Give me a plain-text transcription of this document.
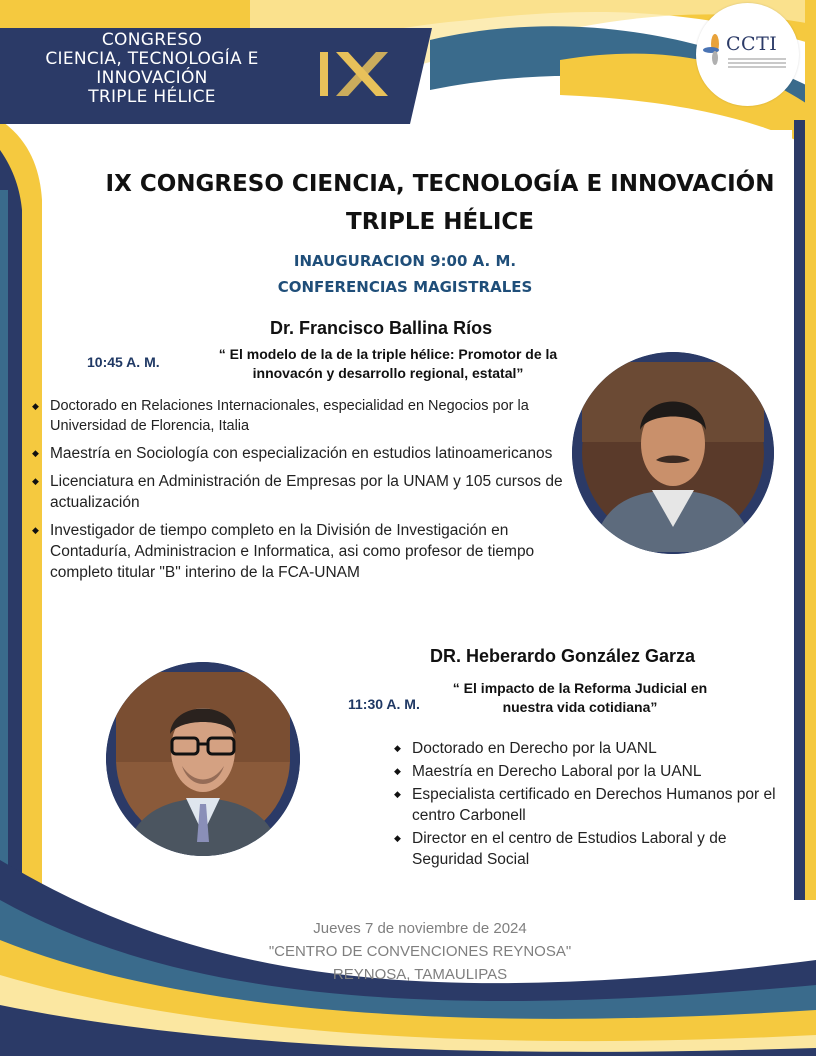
CONGRESO
CIENCIA, TECNOLOGÍA E
INNOVACIÓN
TRIPLE HÉLICE
CCTI
IX CONGRESO CIENCIA, TECNOLOGÍA E INNOVACIÓN
TRIPLE HÉLICE
INAUGURACION 9:00 A. M.
CONFERENCIAS MAGISTRALES
Dr. Francisco Ballina Ríos
10:45 A. M.	“ El modelo de la de la triple hélice: Promotor de la
innovacón y desarrollo regional, estatal”
◆ Doctorado en Relaciones Internacionales, especialidad en Negocios por la Universidad de Florencia, Italia
◆ Maestría en Sociología con especialización en estudios latinoamericanos
◆ Licenciatura en Administración de Empresas por la UNAM y 105 cursos de actualización
◆ Investigador de tiempo completo en la División de Investigación en Contaduría, Administracion e Informatica, asi como profesor de tiempo completo titular "B" interino de la FCA-UNAM
DR. Heberardo González Garza
11:30 A. M.
“ El impacto de la Reforma Judicial en
nuestra vida cotidiana”
◆ Doctorado en Derecho por la UANL
◆ Maestría en Derecho Laboral por la UANL
◆ Especialista certificado en Derechos Humanos por el centro Carbonell
◆ Director en el centro de Estudios Laboral y de Seguridad Social
Jueves 7 de noviembre de 2024
"CENTRO DE CONVENCIONES REYNOSA"
REYNOSA, TAMAULIPAS
